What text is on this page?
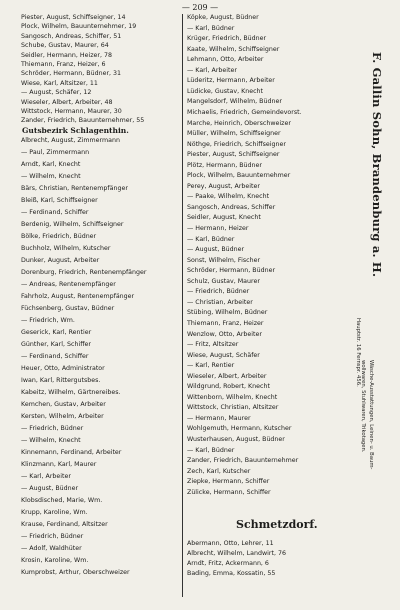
— 209 —
Piester, August, Schiffseigner, 14
Plock, Wilhelm, Bauunternehmer, 19
Sangosch, Andreas, Schiffer, 51
Schube, Gustav, Maurer, 64
Seidler, Hermann, Heizer, 78
Thiemann, Franz, Heizer, 6
Schröder, Hermann, Büdner, 31
Wiese, Karl, Altsitzer, 11
— August, Schäfer, 12
Wieseler, Albert, Arbeiter, 48
Wittstock, Hermann, Maurer, 30
Zander, Friedrich, Bauunternehmer, 55
Gutsbezirk Schlagenthin.
Albrecht, August, Zimmermann
— Paul, Zimmermann
Arndt, Karl, Knecht
— Wilhelm, Knecht
Bärs, Christian, Rentenempfänger
Bleiß, Karl, Schiffseigner
— Ferdinand, Schiffer
Berdenig, Wilhelm, Schiffseigner
Bölke, Friedrich, Büdner
Buchholz, Wilhelm, Kutscher
Dunker, August, Arbeiter
Dorenburg, Friedrich, Rentenempfänger
— Andreas, Rentenempfänger
Fahrholz, August, Rentenempfänger
Füchsenberg, Gustav, Büdner
— Friedrich, Wm.
Geserick, Karl, Rentier
Günther, Karl, Schiffer
— Ferdinand, Schiffer
Heuer, Otto, Administrator
Iwan, Karl, Rittergutsbes.
Kabeitz, Wilhelm, Gärtnereibes.
Kemchen, Gustav, Arbeiter
Kersten, Wilhelm, Arbeiter
— Friedrich, Büdner
— Wilhelm, Knecht
Kinnemann, Ferdinand, Arbeiter
Klinzmann, Karl, Maurer
— Karl, Arbeiter
— August, Büdner
Klobsdisched, Marie, Wm.
Krupp, Karoline, Wm.
Krause, Ferdinand, Altsitzer
— Friedrich, Büdner
— Adolf, Waldhüter
Krosin, Karoline, Wm.
Kumprobst, Arthur, Oberschweizer
Köpke, August, Büdner
— Karl, Büdner
Krüger, Friedrich, Büdner
Kaate, Wilhelm, Schiffseigner
Lehmann, Otto, Arbeiter
— Karl, Arbeiter
Lüderitz, Hermann, Arbeiter
Lüdicke, Gustav, Knecht
Mangelsdorf, Wilhelm, Büdner
Michaelis, Friedrich, Gemeindevorst.
Marche, Heinrich, Oberschweizer
Müller, Wilhelm, Schiffseigner
Nöthge, Friedrich, Schiffseigner
Piester, August, Schiffseigner
Plötz, Hermann, Büdner
Plock, Wilhelm, Bauunternehmer
Perey, August, Arbeiter
— Paake, Wilhelm, Knecht
Sangosch, Andreas, Schiffer
Seidler, August, Knecht
— Hermann, Heizer
— Karl, Büdner
— August, Büdner
Sonst, Wilhelm, Fischer
Schröder, Hermann, Büdner
Schulz, Gustav, Maurer
— Friedrich, Büdner
— Christian, Arbeiter
Stübing, Wilhelm, Büdner
Thiemann, Franz, Heizer
Wenzlow, Otto, Arbeiter
— Fritz, Altsitzer
Wiese, August, Schäfer
— Karl, Rentier
Wieseler, Albert, Arbeiter
Wildgrund, Robert, Knecht
Wittenborn, Wilhelm, Knecht
Wittstock, Christian, Altsitzer
— Hermann, Maurer
Wohlgemuth, Hermann, Kutscher
Wusterhausen, August, Büdner
— Karl, Büdner
Zander, Friedrich, Bauunternehmer
Zech, Karl, Kutscher
Ziepke, Hermann, Schiffer
Zülicke, Hermann, Schiffer
Schmetzdorf.
Abermann, Otto, Lehrer, 11
Albrecht, Wilhelm, Landwirt, 76
Arndt, Fritz, Ackermann, 6
Bading, Emma, Kossatin, 55
F. Gallin Sohn, Brandenburg a. H.
Hauptstr. 16 Fernspr. 456.
Wäsche-Ausstattungen, Leinen- u. Baum-
wollwaren, Stuhlwaren, Trikotagen.
